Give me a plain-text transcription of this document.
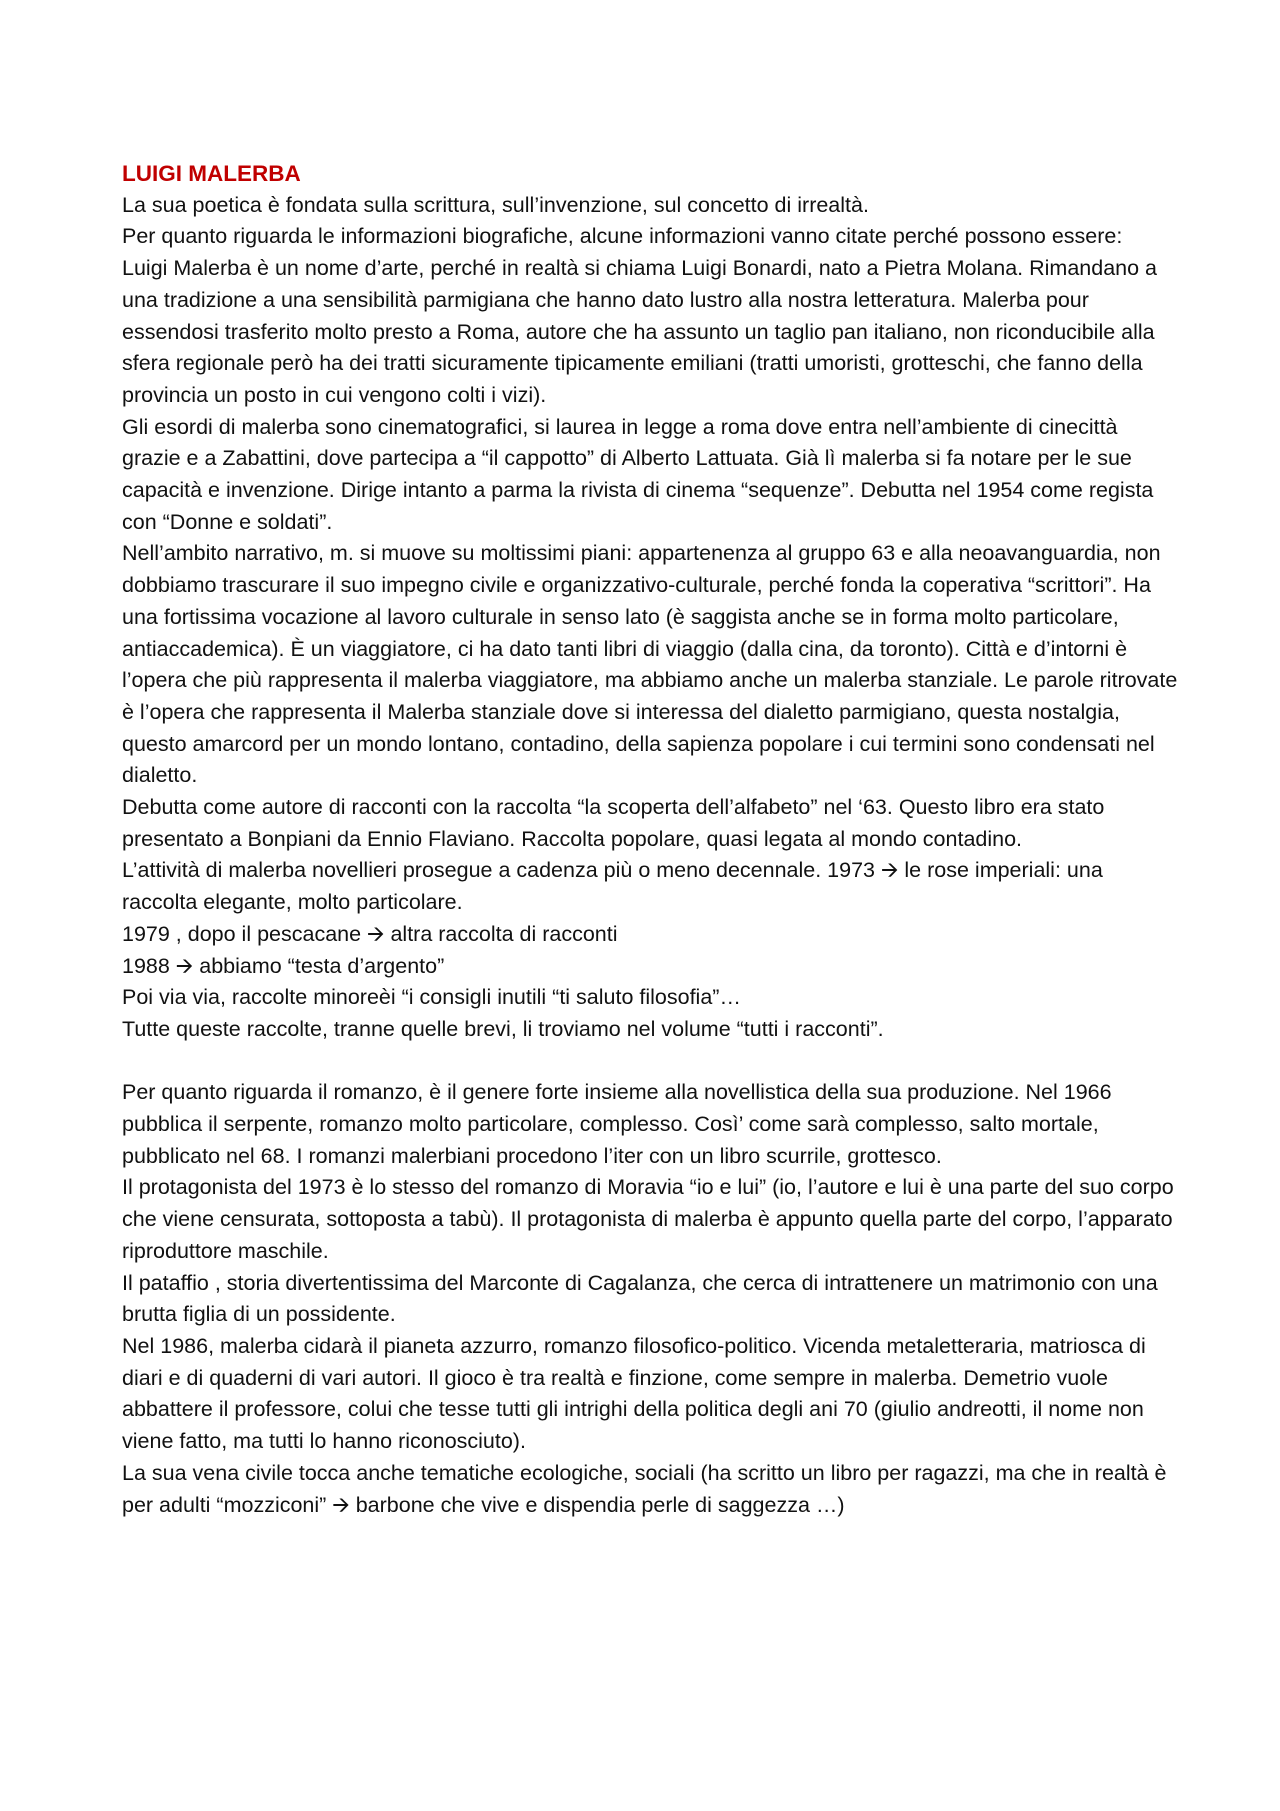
LUIGI MALERBA

La sua poetica è fondata sulla scrittura, sull’invenzione, sul concetto di irrealtà.

Per quanto riguarda le informazioni biografiche, alcune informazioni vanno citate perché possono essere:

Luigi Malerba è un nome d’arte, perché in realtà si chiama Luigi Bonardi, nato a Pietra Molana. Rimandano a una tradizione a una sensibilità parmigiana che hanno dato lustro alla nostra letteratura. Malerba pour essendosi trasferito molto presto a Roma, autore che ha assunto un taglio pan italiano, non riconducibile alla sfera regionale però ha dei tratti sicuramente tipicamente emiliani (tratti umoristi, grotteschi, che fanno della provincia un posto in cui vengono colti i vizi).

Gli esordi di malerba sono cinematografici, si laurea in legge a roma dove entra nell’ambiente di cinecittà grazie e a Zabattini, dove partecipa a “il cappotto” di Alberto Lattuata. Già lì malerba si fa notare per le sue capacità e invenzione. Dirige intanto a parma la rivista di cinema “sequenze”. Debutta nel 1954 come regista con “Donne e soldati”.

Nell’ambito narrativo, m. si muove su moltissimi piani: appartenenza al gruppo 63 e alla neoavanguardia, non dobbiamo trascurare il suo impegno civile e organizzativo-culturale, perché fonda la coperativa “scrittori”. Ha una fortissima vocazione al lavoro culturale in senso lato (è saggista anche se in forma molto particolare, antiaccademica). È un viaggiatore, ci ha dato tanti libri di viaggio (dalla cina, da toronto). Città e d’intorni è l’opera che più rappresenta il malerba viaggiatore, ma abbiamo anche un malerba stanziale. Le parole ritrovate è l’opera che rappresenta il Malerba stanziale dove si interessa del dialetto parmigiano, questa nostalgia, questo amarcord per un mondo lontano, contadino, della sapienza popolare i cui termini sono condensati nel dialetto.

Debutta come autore di racconti con la raccolta “la scoperta dell’alfabeto” nel ‘63. Questo libro era stato presentato a Bonpiani da Ennio Flaviano. Raccolta popolare, quasi legata al mondo contadino.

L’attività di malerba novellieri prosegue a cadenza più o meno decennale. 1973 🡪 le rose imperiali: una raccolta elegante, molto particolare.

1979 , dopo il pescacane 🡪 altra raccolta di racconti

1988 🡪 abbiamo “testa d’argento”

Poi via via, raccolte minoreèi “i consigli inutili “ti saluto filosofia”…

Tutte queste raccolte, tranne quelle brevi, li troviamo nel volume “tutti i racconti”.

Per quanto riguarda il romanzo, è il genere forte insieme alla novellistica della sua produzione. Nel 1966 pubblica il serpente, romanzo molto particolare, complesso. Così’ come sarà complesso, salto mortale, pubblicato nel 68. I romanzi malerbiani procedono l’iter con un libro scurrile, grottesco.

Il protagonista del 1973 è lo stesso del romanzo di Moravia “io e lui” (io, l’autore e lui è una parte del suo corpo che viene censurata, sottoposta a tabù). Il protagonista di malerba è appunto quella parte del corpo, l’apparato riproduttore maschile.

Il pataffio , storia divertentissima del Marconte di Cagalanza, che cerca di intrattenere un matrimonio con una brutta figlia di un possidente.

Nel 1986, malerba cidarà il pianeta azzurro, romanzo filosofico-politico. Vicenda metaletteraria, matriosca di diari e di quaderni di vari autori. Il gioco è tra realtà e finzione, come sempre in malerba. Demetrio vuole abbattere il professore, colui che tesse tutti gli intrighi della politica degli ani 70 (giulio andreotti, il nome non viene fatto, ma tutti lo hanno riconosciuto).

La sua vena civile tocca anche tematiche ecologiche, sociali (ha scritto un libro per ragazzi, ma che in realtà è per adulti “mozziconi” 🡪 barbone che vive e dispendia perle di saggezza …)
